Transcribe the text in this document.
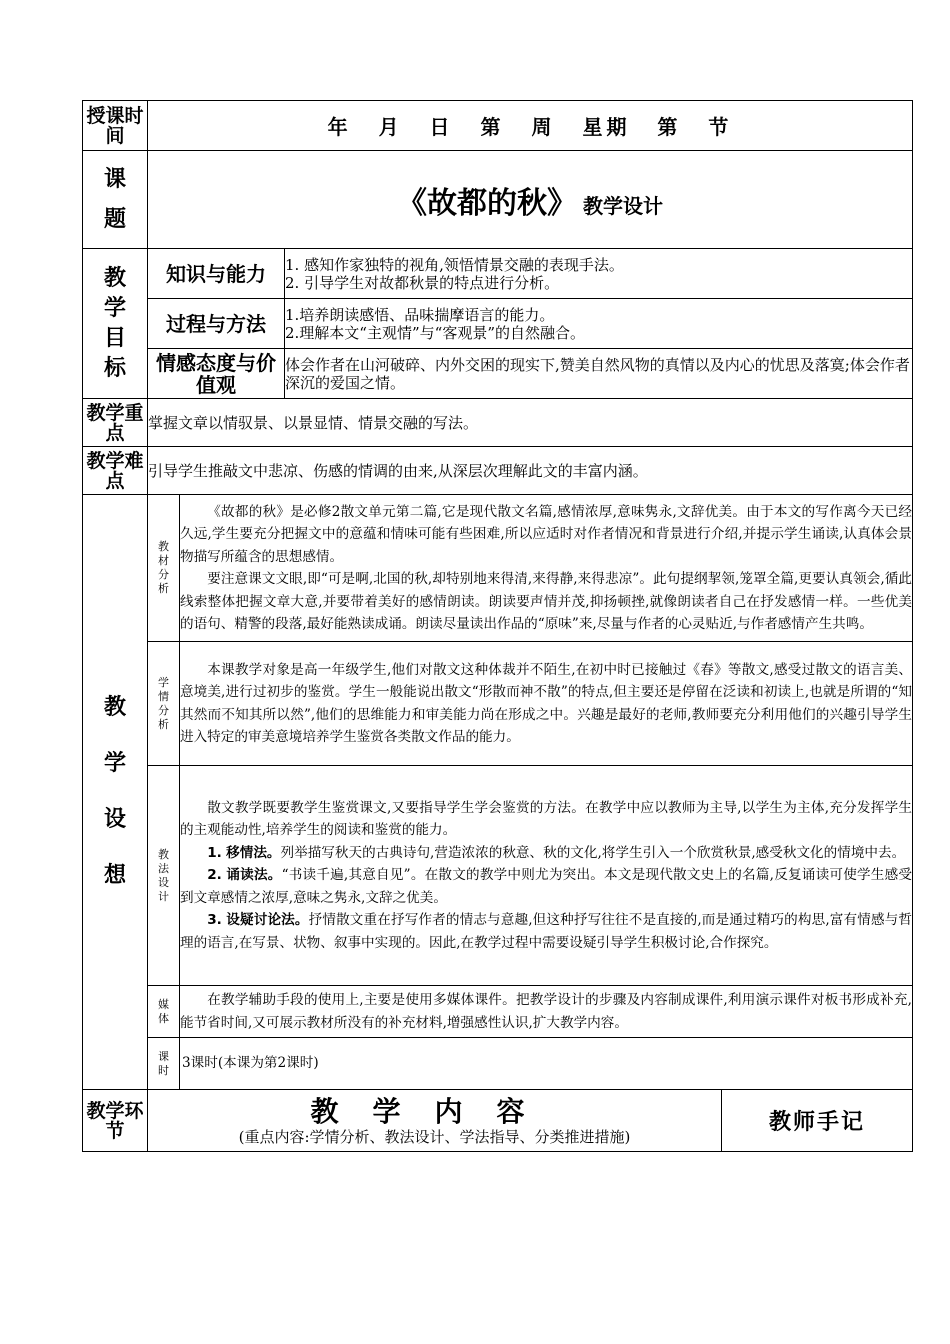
授课时间	年 月 日 第 周 星期 第 节			

课题	《故都的秋》 教学设计			

教学目标	知识与能力		1. 感知作家独特的视角,领悟情景交融的表现手法。
2. 引导学生对故都秋景的特点进行分析。	

	过程与方法		1.培养朗读感悟、品味揣摩语言的能力。
2.理解本文“主观情”与“客观景”的自然融合。	

	情感态度与价值观		体会作者在山河破碎、内外交困的现实下,赞美自然风物的真情以及内心的忧思及落寞;体会作者深沉的爱国之情。	
教学重点	掌握文章以情驭景、以景显情、情景交融的写法。			
教学难点	引导学生推敲文中悲凉、伤感的情调的由来,从深层次理解此文的丰富内涵。			

教学设想	教材分析	《故都的秋》是必修2散文单元第二篇,它是现代散文名篇,感情浓厚,意味隽永,文辞优美。由于本文的写作离今天已经久远,学生要充分把握文中的意蕴和情味可能有些困难,所以应适时对作者情况和背景进行介绍,并提示学生诵读,认真体会景物描写所蕴含的思想感情。

要注意课文文眼,即“可是啊,北国的秋,却特别地来得清,来得静,来得悲凉”。此句提纲挈领,笼罩全篇,更要认真领会,循此线索整体把握文章大意,并要带着美好的感情朗读。朗读要声情并茂,抑扬顿挫,就像朗读者自己在抒发感情一样。一些优美的语句、精警的段落,最好能熟读成诵。朗读尽量读出作品的“原味”来,尽量与作者的心灵贴近,与作者感情产生共鸣。		

	学情分析	本课教学对象是高一年级学生,他们对散文这种体裁并不陌生,在初中时已接触过《春》等散文,感受过散文的语言美、意境美,进行过初步的鉴赏。学生一般能说出散文“形散而神不散”的特点,但主要还是停留在泛读和初读上,也就是所谓的“知其然而不知其所以然”,他们的思维能力和审美能力尚在形成之中。兴趣是最好的老师,教师要充分利用他们的兴趣引导学生进入特定的审美意境培养学生鉴赏各类散文作品的能力。		

	教法设计	散文教学既要教学生鉴赏课文,又要指导学生学会鉴赏的方法。在教学中应以教师为主导,以学生为主体,充分发挥学生的主观能动性,培养学生的阅读和鉴赏的能力。

1. 移情法。列举描写秋天的古典诗句,营造浓浓的秋意、秋的文化,将学生引入一个欣赏秋景,感受秋文化的情境中去。

2. 诵读法。“书读千遍,其意自见”。在散文的教学中则尤为突出。本文是现代散文史上的名篇,反复诵读可使学生感受到文章感情之浓厚,意味之隽永,文辞之优美。

3. 设疑讨论法。抒情散文重在抒写作者的情志与意趣,但这种抒写往往不是直接的,而是通过精巧的构思,富有情感与哲理的语言,在写景、状物、叙事中实现的。因此,在教学过程中需要设疑引导学生积极讨论,合作探究。		

	媒体	在教学辅助手段的使用上,主要是使用多媒体课件。把教学设计的步骤及内容制成课件,利用演示课件对板书形成补充,能节省时间,又可展示教材所没有的补充材料,增强感性认识,扩大教学内容。		

	课时	3课时(本课为第2课时)		

教学环节	教学内容
(重点内容:学情分析、教法设计、学法指导、分类推进措施)			教师手记
